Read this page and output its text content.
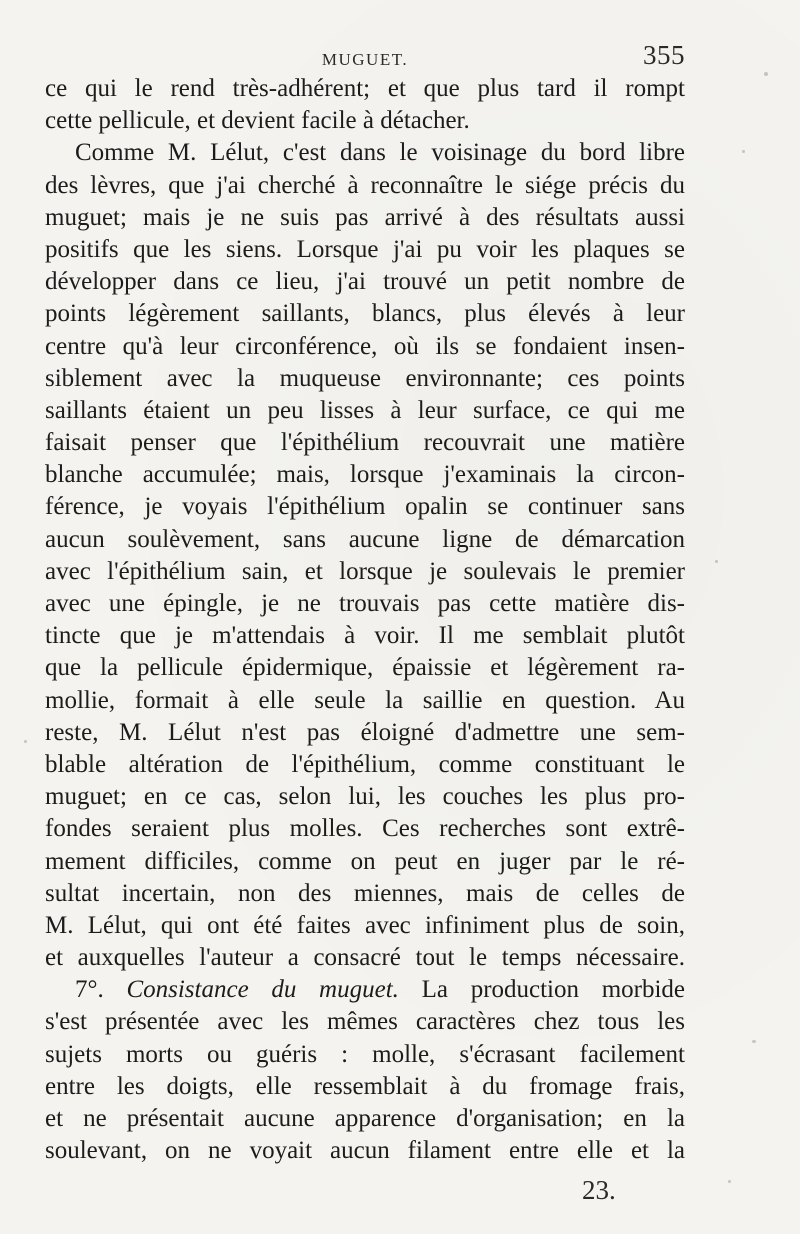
MUGUET.	355
ce qui le rend très-adhérent; et que plus tard il rompt
cette pellicule, et devient facile à détacher.
Comme M. Lélut, c'est dans le voisinage du bord libre
des lèvres, que j'ai cherché à reconnaître le siége précis du
muguet; mais je ne suis pas arrivé à des résultats aussi
positifs que les siens. Lorsque j'ai pu voir les plaques se
développer dans ce lieu, j'ai trouvé un petit nombre de
points légèrement saillants, blancs, plus élevés à leur
centre qu'à leur circonférence, où ils se fondaient insen-
siblement avec la muqueuse environnante; ces points
saillants étaient un peu lisses à leur surface, ce qui me
faisait penser que l'épithélium recouvrait une matière
blanche accumulée; mais, lorsque j'examinais la circon-
férence, je voyais l'épithélium opalin se continuer sans
aucun soulèvement, sans aucune ligne de démarcation
avec l'épithélium sain, et lorsque je soulevais le premier
avec une épingle, je ne trouvais pas cette matière dis-
tincte que je m'attendais à voir. Il me semblait plutôt
que la pellicule épidermique, épaissie et légèrement ra-
mollie, formait à elle seule la saillie en question. Au
reste, M. Lélut n'est pas éloigné d'admettre une sem-
blable altération de l'épithélium, comme constituant le
muguet; en ce cas, selon lui, les couches les plus pro-
fondes seraient plus molles. Ces recherches sont extrê-
mement difficiles, comme on peut en juger par le ré-
sultat incertain, non des miennes, mais de celles de
M. Lélut, qui ont été faites avec infiniment plus de soin,
et auxquelles l'auteur a consacré tout le temps nécessaire.
7°. Consistance du muguet. La production morbide
s'est présentée avec les mêmes caractères chez tous les
sujets morts ou guéris : molle, s'écrasant facilement
entre les doigts, elle ressemblait à du fromage frais,
et ne présentait aucune apparence d'organisation; en la
soulevant, on ne voyait aucun filament entre elle et la
23.
